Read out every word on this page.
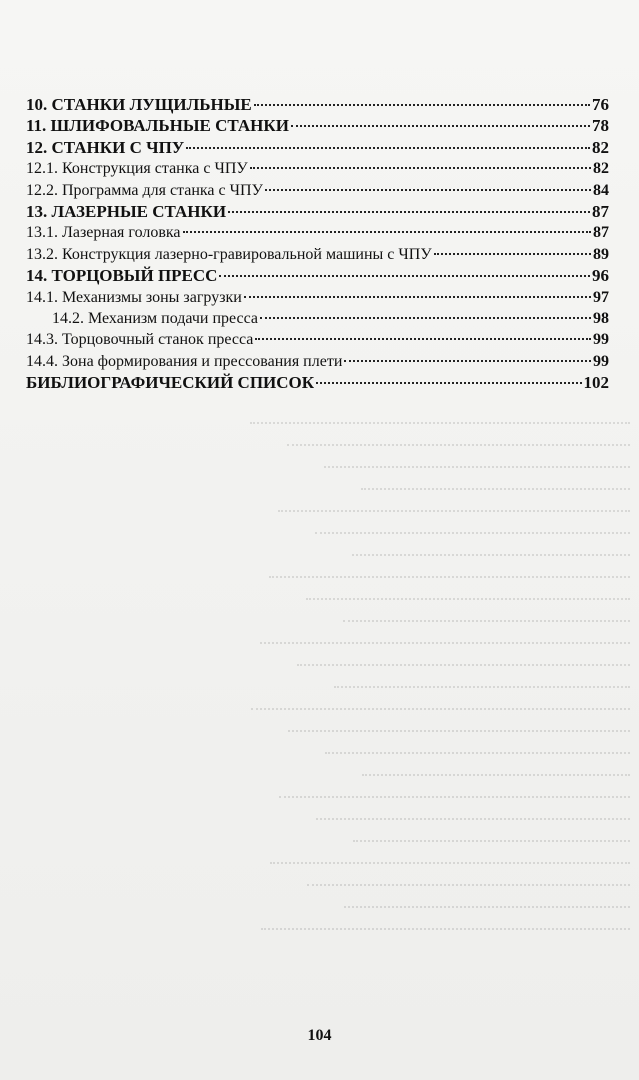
10. СТАНКИ ЛУЩИЛЬНЫЕ	76
11. ШЛИФОВАЛЬНЫЕ СТАНКИ	78
12. СТАНКИ С ЧПУ	82
12.1. Конструкция станка с ЧПУ	82
12.2. Программа для станка с ЧПУ	84
13. ЛАЗЕРНЫЕ СТАНКИ	87
13.1. Лазерная головка	87
13.2. Конструкция лазерно-гравировальной машины с ЧПУ	89
14. ТОРЦОВЫЙ ПРЕСС	96
14.1. Механизмы зоны загрузки	97
14.2. Механизм подачи пресса	98
14.3. Торцовочный станок пресса	99
14.4. Зона формирования и прессования плети	99
БИБЛИОГРАФИЧЕСКИЙ СПИСОК	102
104
